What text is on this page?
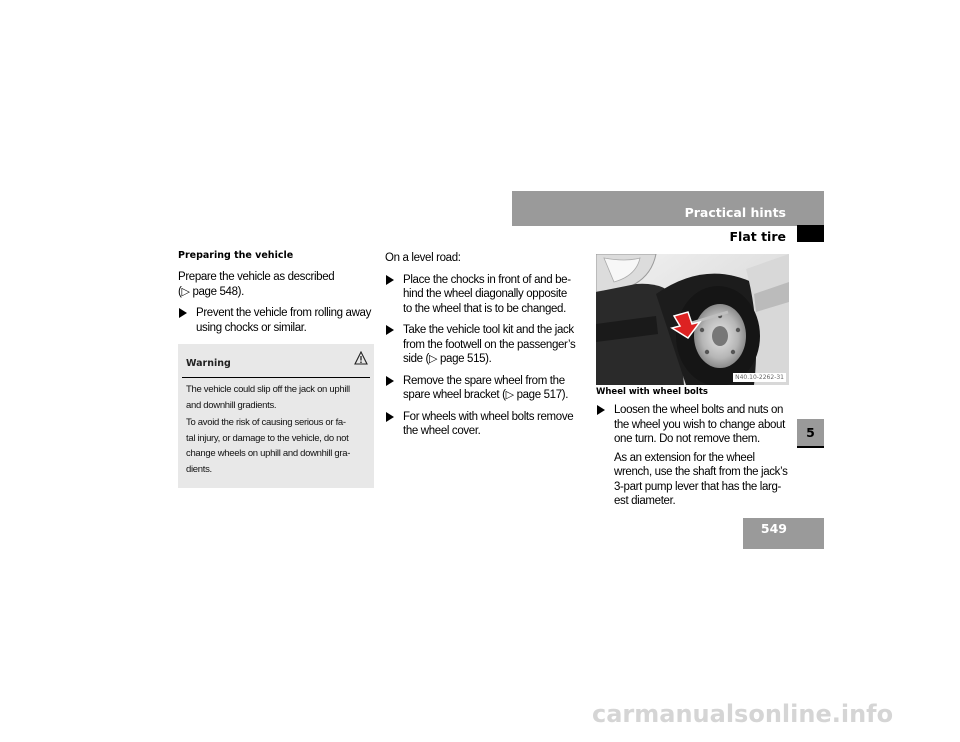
Practical hints
Flat tire
5
549
Preparing the vehicle
Prepare the vehicle as described
(▷ page 548).
Prevent the vehicle from rolling away
using chocks or similar.
Warning
The vehicle could slip off the jack on uphill
and downhill gradients.
To avoid the risk of causing serious or fa-
tal injury, or damage to the vehicle, do not
change wheels on uphill and downhill gra-
dients.
On a level road:
Place the chocks in front of and be-
hind the wheel diagonally opposite
to the wheel that is to be changed.
Take the vehicle tool kit and the jack
from the footwell on the passenger’s
side (▷ page 515).
Remove the spare wheel from the
spare wheel bracket (▷ page 517).
For wheels with wheel bolts remove
the wheel cover.
N40.10-2262-31
Wheel with wheel bolts
Loosen the wheel bolts and nuts on
the wheel you wish to change about
one turn. Do not remove them.
As an extension for the wheel
wrench, use the shaft from the jack’s
3-part pump lever that has the larg-
est diameter.
carmanualsonline.info
